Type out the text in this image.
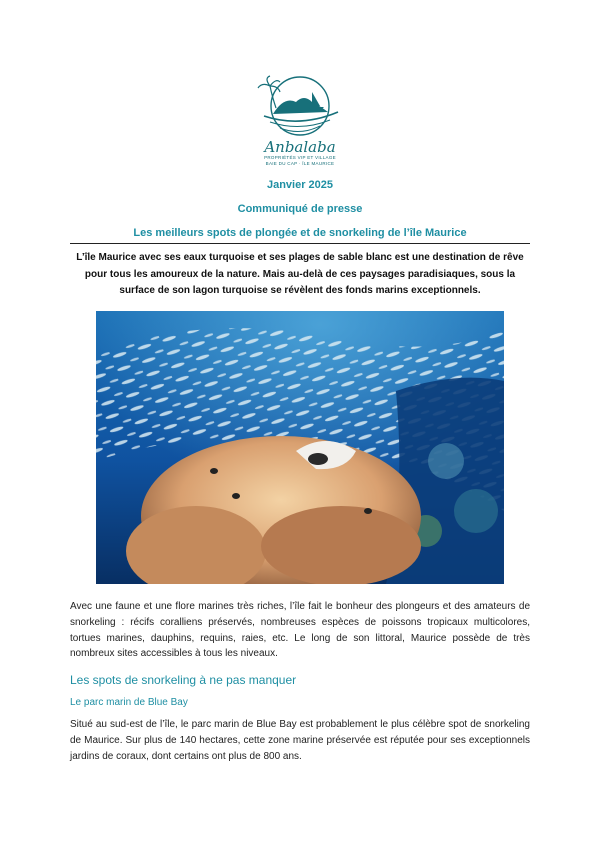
Anbalaba
PROPRIÉTÉS VIP ET VILLAGE
BAIE DU CAP · ÎLE MAURICE
Janvier 2025
Communiqué de presse
Les meilleurs spots de plongée et de snorkeling de l’île Maurice
L’île Maurice avec ses eaux turquoise et ses plages de sable blanc est une destination de rêve pour tous les amoureux de la nature. Mais au-delà de ces paysages paradisiaques, sous la surface de son lagon turquoise se révèlent des fonds marins exceptionnels.
Avec une faune et une flore marines très riches, l’île fait le bonheur des plongeurs et des amateurs de snorkeling : récifs coralliens préservés, nombreuses espèces de poissons tropicaux multicolores, tortues marines, dauphins, requins, raies, etc. Le long de son littoral, Maurice possède de très nombreux sites accessibles à tous les niveaux.
Les spots de snorkeling à ne pas manquer
Le parc marin de Blue Bay
Situé au sud-est de l’île, le parc marin de Blue Bay est probablement le plus célèbre spot de snorkeling de Maurice. Sur plus de 140 hectares, cette zone marine préservée est réputée pour ses exceptionnels jardins de coraux, dont certains ont plus de 800 ans.
